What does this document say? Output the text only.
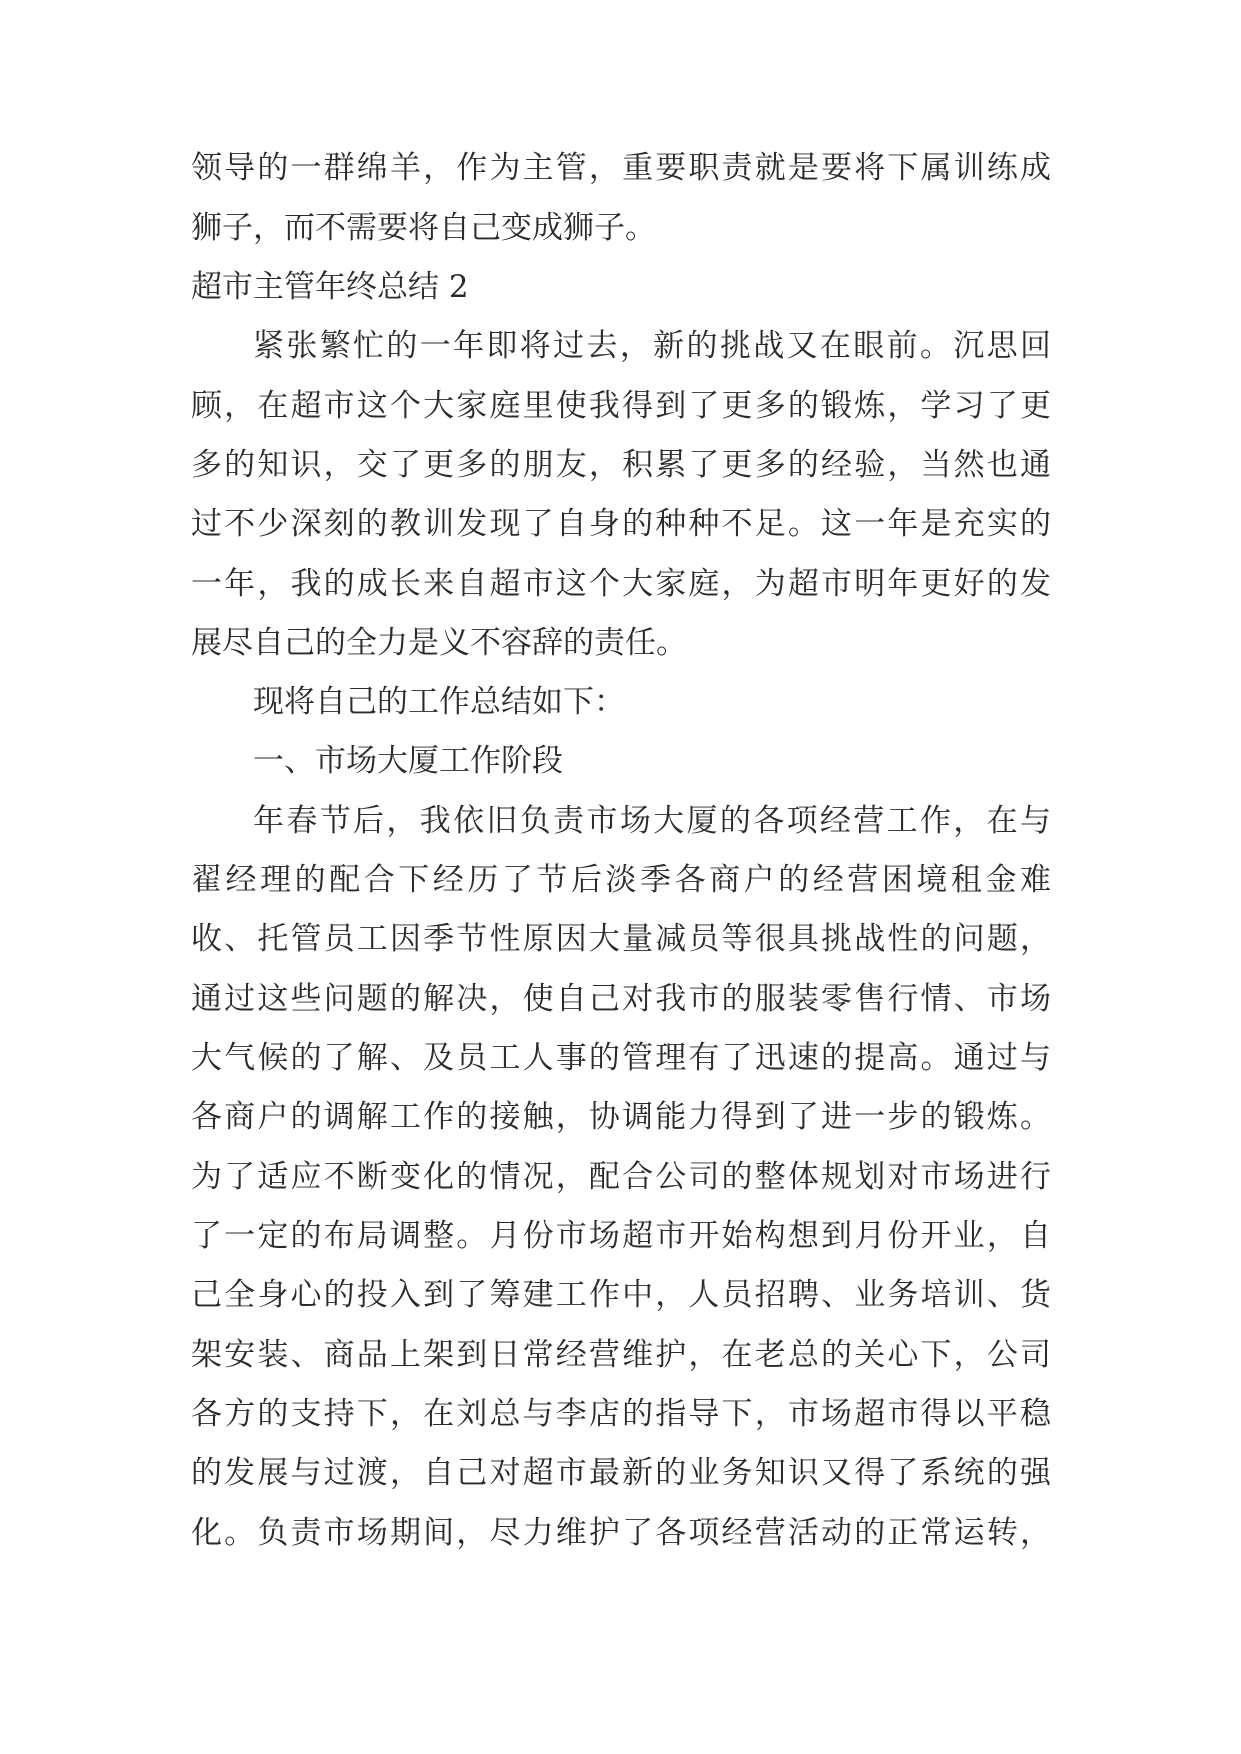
领导的一群绵羊，作为主管，重要职责就是要将下属训练成
狮子，而不需要将自己变成狮子。
超市主管年终总结 2
紧张繁忙的一年即将过去，新的挑战又在眼前。沉思回
顾，在超市这个大家庭里使我得到了更多的锻炼，学习了更
多的知识，交了更多的朋友，积累了更多的经验，当然也通
过不少深刻的教训发现了自身的种种不足。这一年是充实的
一年，我的成长来自超市这个大家庭，为超市明年更好的发
展尽自己的全力是义不容辞的责任。
现将自己的工作总结如下：
一、市场大厦工作阶段
年春节后，我依旧负责市场大厦的各项经营工作，在与
翟经理的配合下经历了节后淡季各商户的经营困境租金难
收、托管员工因季节性原因大量减员等很具挑战性的问题，
通过这些问题的解决，使自己对我市的服装零售行情、市场
大气候的了解、及员工人事的管理有了迅速的提高。通过与
各商户的调解工作的接触，协调能力得到了进一步的锻炼。
为了适应不断变化的情况，配合公司的整体规划对市场进行
了一定的布局调整。月份市场超市开始构想到月份开业，自
己全身心的投入到了筹建工作中，人员招聘、业务培训、货
架安装、商品上架到日常经营维护，在老总的关心下，公司
各方的支持下，在刘总与李店的指导下，市场超市得以平稳
的发展与过渡，自己对超市最新的业务知识又得了系统的强
化。负责市场期间，尽力维护了各项经营活动的正常运转，
